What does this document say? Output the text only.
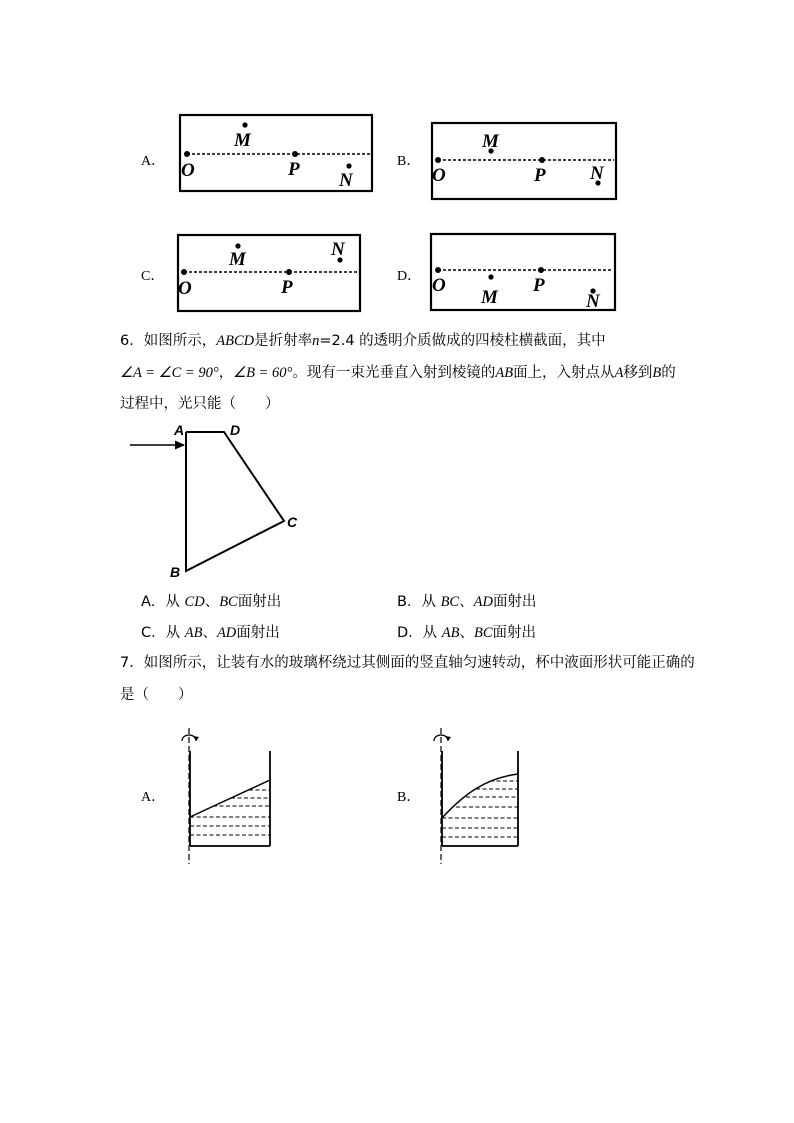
A．
M
O	P
N
B．
M
O	P N
C．
M
O	P
N
D．
M
O	P
N
6．如图所示，ABCD是折射率n=2.4 的透明介质做成的四棱柱横截面，其中
∠A = ∠C = 90°，∠B = 60°。现有一束光垂直入射到棱镜的AB面上，入射点从A移到B的
过程中，光只能（　　）
A	D
C
B
A．从 CD、BC面射出	B．从 BC、AD面射出
C．从 AB、AD面射出	D．从 AB、BC面射出
7．如图所示，让装有水的玻璃杯绕过其侧面的竖直轴匀速转动，杯中液面形状可能正确的
是（　　）
A．	B．
